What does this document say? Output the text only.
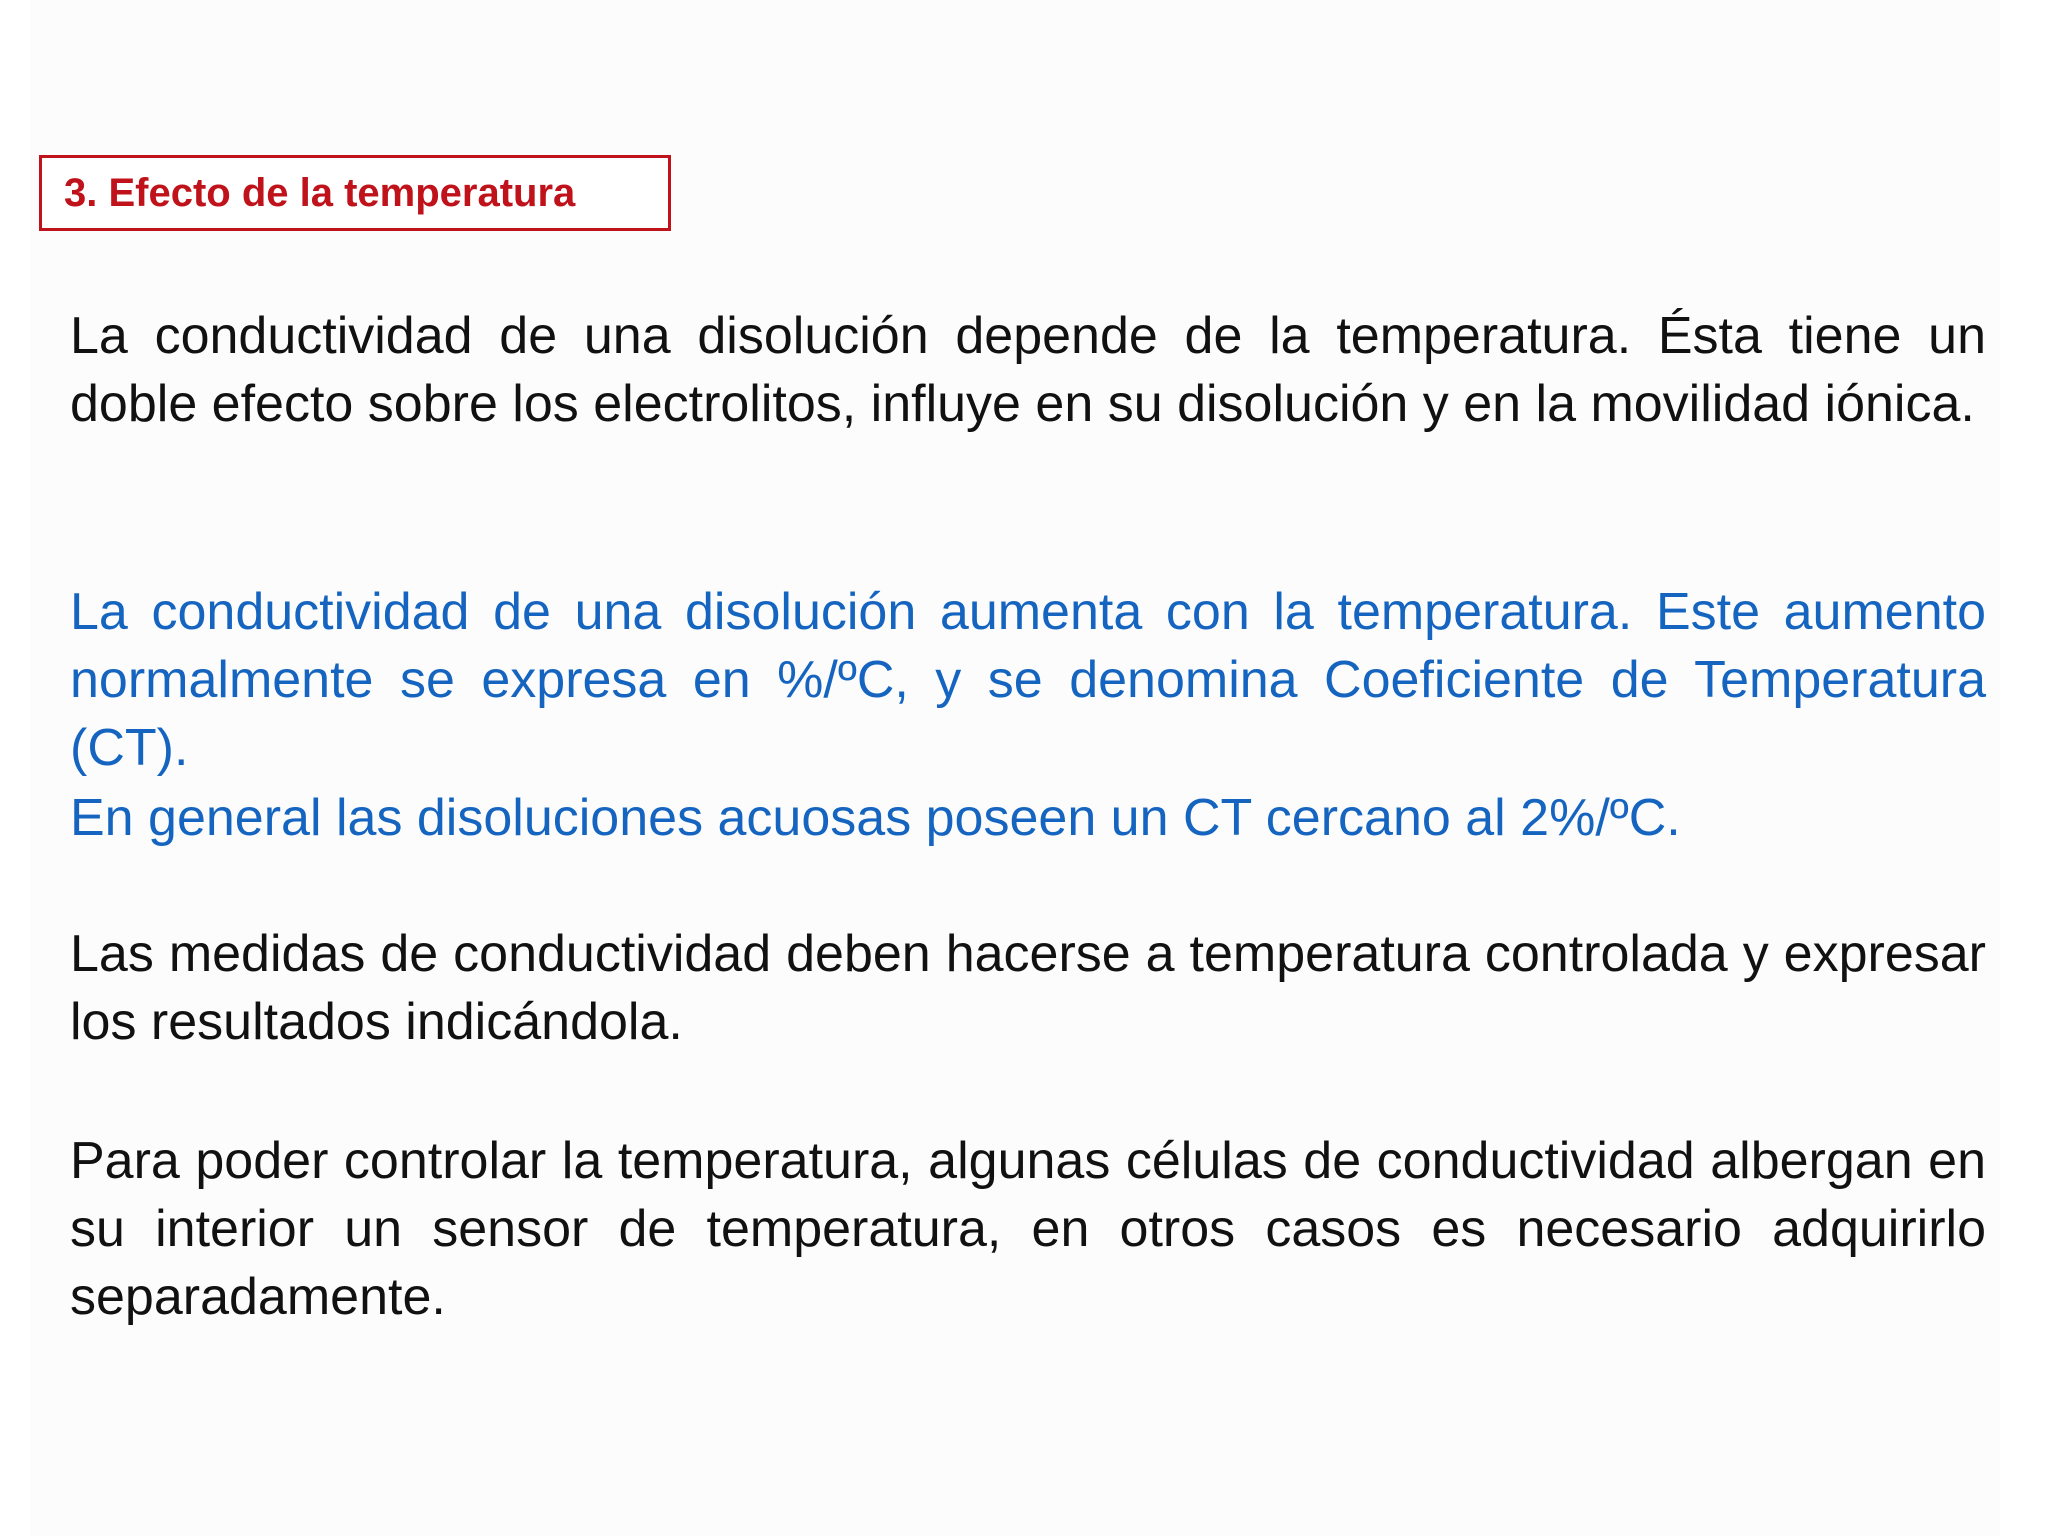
3. Efecto de la temperatura

La conductividad de una disolución depende de la temperatura. Ésta tiene un doble efecto sobre los electrolitos, influye en su disolución y en la movilidad iónica.

La conductividad de una disolución aumenta con la temperatura. Este aumento normalmente se expresa en %/ºC, y se denomina Coeficiente de Temperatura (CT).

En general las disoluciones acuosas poseen un CT cercano al 2%/ºC.

Las medidas de conductividad deben hacerse a temperatura controlada y expresar los resultados indicándola.

Para poder controlar la temperatura, algunas células de conductividad albergan en su interior un sensor de temperatura, en otros casos es necesario adquirirlo separadamente.
